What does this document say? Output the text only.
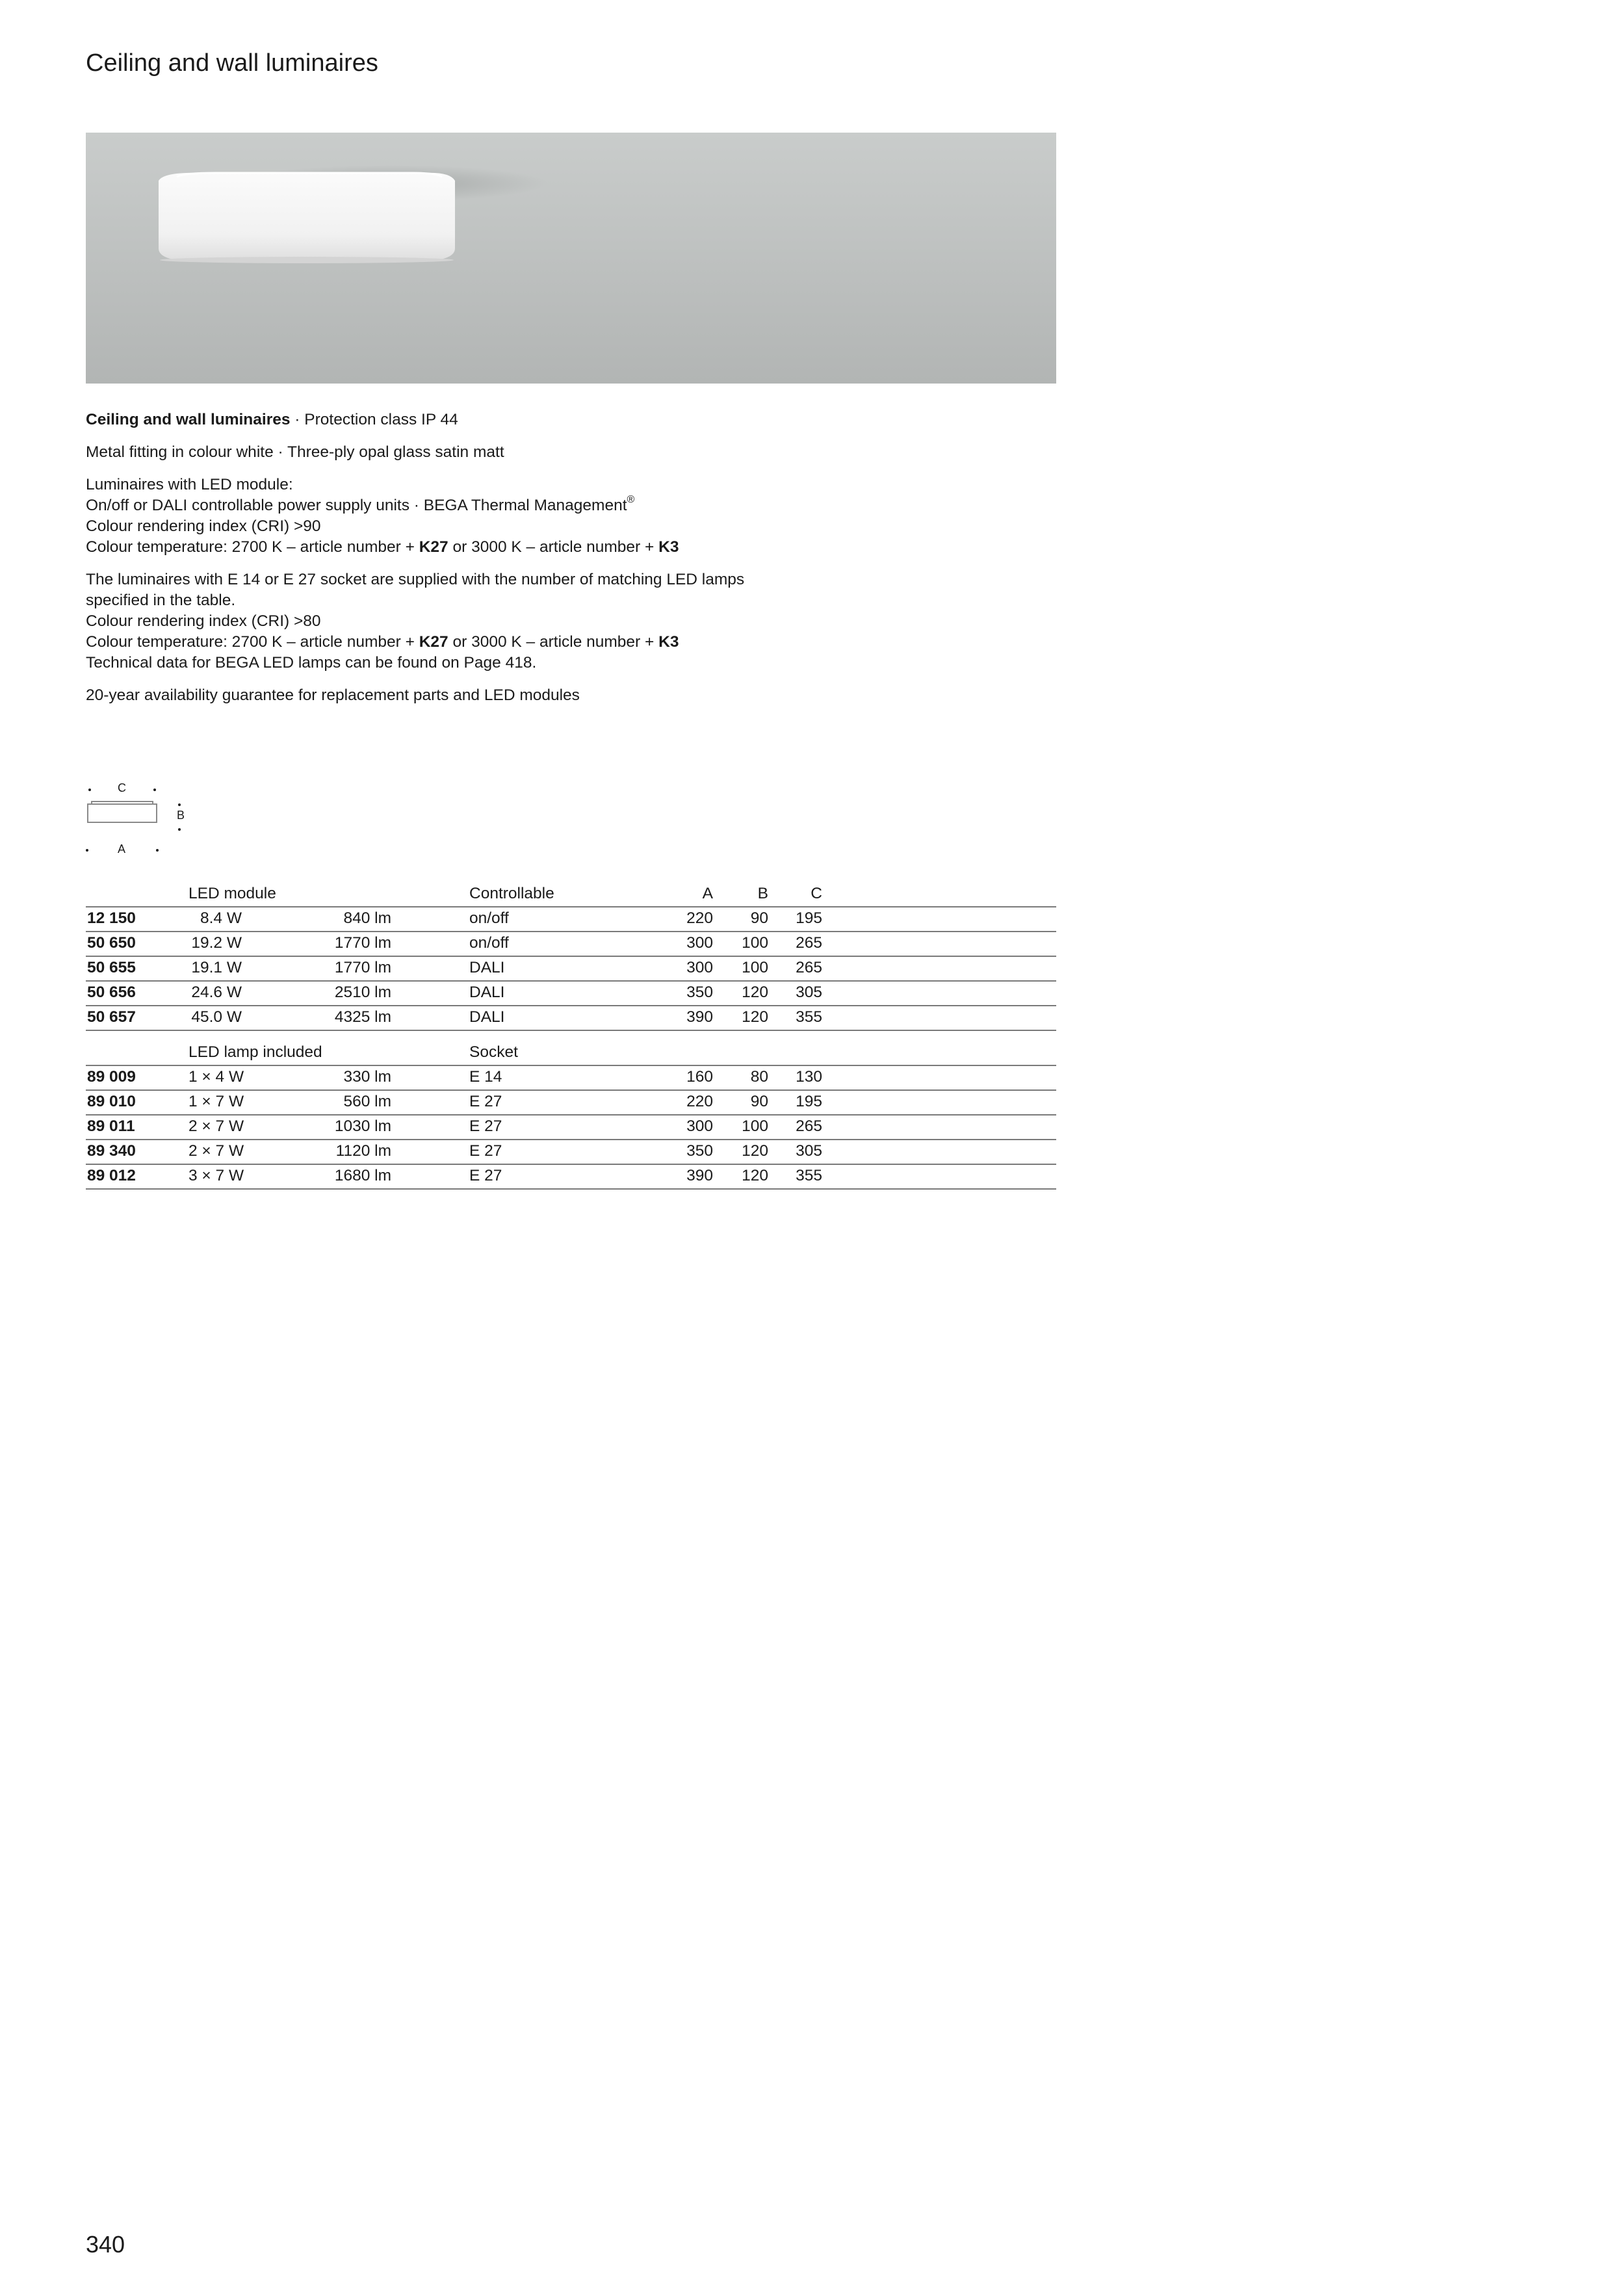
Ceiling and wall luminaires

Ceiling and wall luminaires · Protection class IP 44

Metal fitting in colour white · Three-ply opal glass satin matt

Luminaires with LED module:
On/off or DALI controllable power supply units · BEGA Thermal Management®
Colour rendering index (CRI) >90
Colour temperature: 2700 K – article number + K27 or 3000 K – article number + K3

The luminaires with E 14 or E 27 socket are supplied with the number of matching LED lamps
specified in the table.
Colour rendering index (CRI) >80
Colour temperature: 2700 K – article number + K27 or 3000 K – article number + K3
Technical data for BEGA LED lamps can be found on Page 418.

20-year availability guarantee for replacement parts and LED modules

C
B
A
LED module	Controllable	A	B	C
12 150	8.4 W	840 lm	on/off	220 90 195
50 650	19.2 W	1770 lm	on/off	300 100 265
50 655	19.1 W	1770 lm	DALI	300 100 265
50 656	24.6 W	2510 lm	DALI	350 120 305
50 657	45.0 W	4325 lm	DALI	390 120 355
LED lamp included	Socket
89 009	1 × 4 W	330 lm	E 14	160 80 130
89 010	1 × 7 W	560 lm	E 27	220 90 195
89 011	2 × 7 W	1030 lm	E 27	300 100 265
89 340	2 × 7 W	1120 lm	E 27	350 120 305
89 012	3 × 7 W	1680 lm	E 27	390 120 355
340
